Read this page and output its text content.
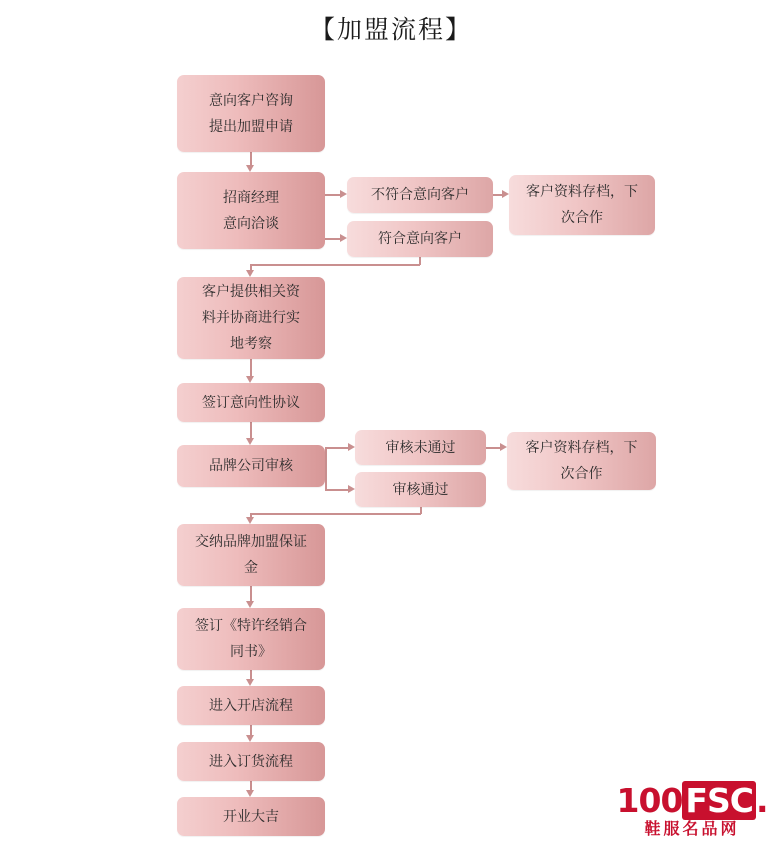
【加盟流程】
意向客户咨询
提出加盟申请
招商经理
意向洽谈
不符合意向客户
符合意向客户
客户资料存档，下
次合作
客户提供相关资
料并协商进行实
地考察
签订意向性协议
品牌公司审核
审核未通过
审核通过
客户资料存档，下
次合作
交纳品牌加盟保证
金
签订《特许经销合
同书》
进入开店流程
进入订货流程
开业大吉	100FSC.
鞋服名品网
